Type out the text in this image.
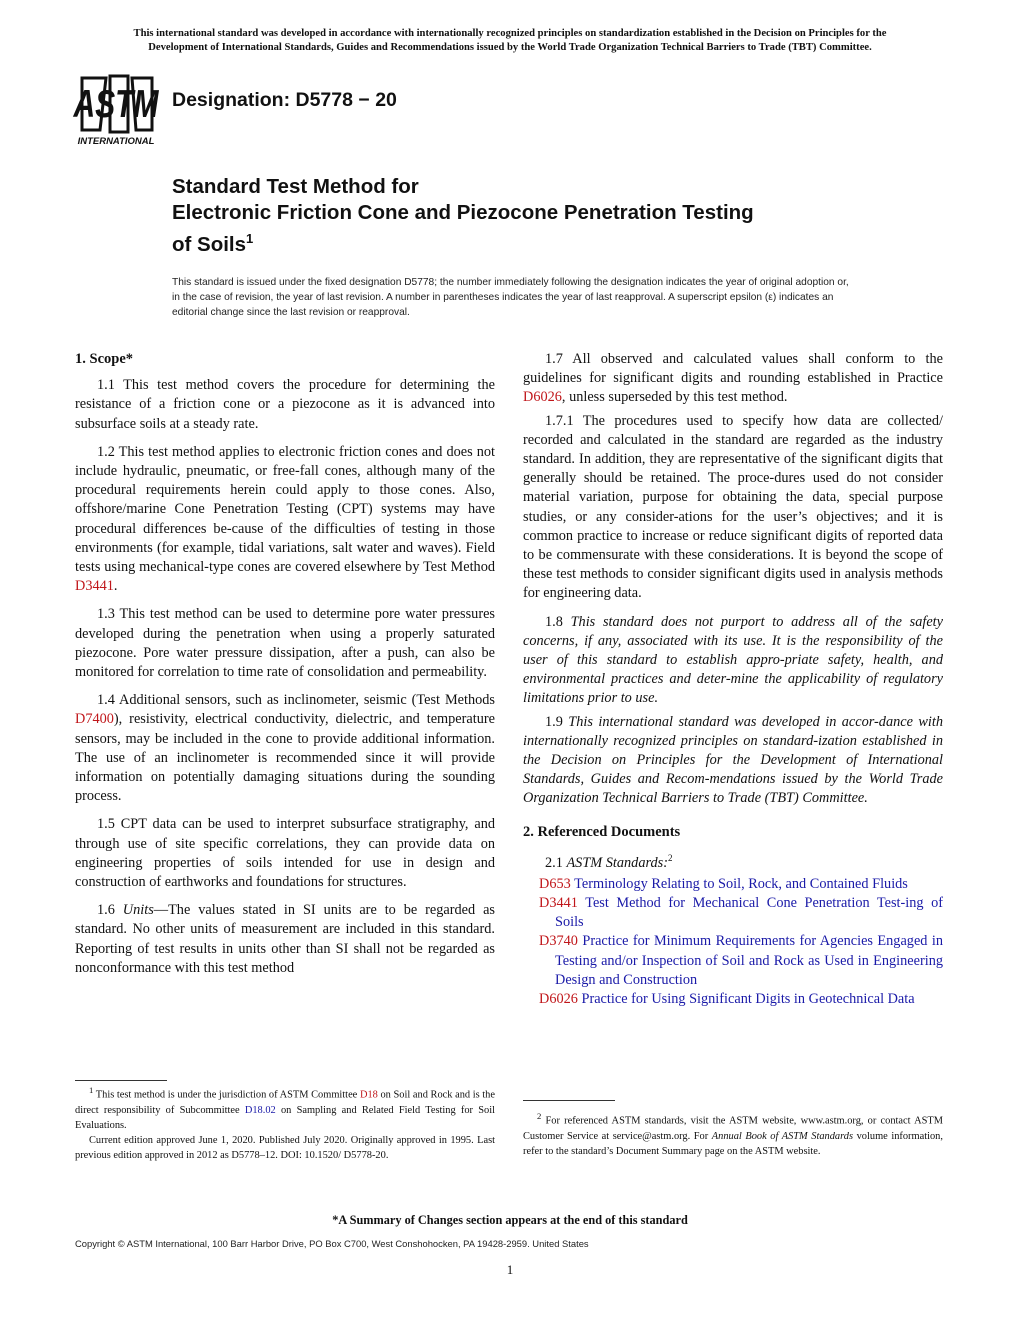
This international standard was developed in accordance with internationally recognized principles on standardization established in the Decision on Principles for the
Development of International Standards, Guides and Recommendations issued by the World Trade Organization Technical Barriers to Trade (TBT) Committee.
ASTM
INTERNATIONAL
Designation: D5778 − 20
Standard Test Method for
Electronic Friction Cone and Piezocone Penetration Testing
of Soils$^1$
This standard is issued under the fixed designation D5778; the number immediately following the designation indicates the year of original adoption or, in the case of revision, the year of last revision. A number in parentheses indicates the year of last reapproval. A superscript epsilon (ε) indicates an editorial change since the last revision or reapproval.
1. Scope*

1.1 This test method covers the procedure for determining the resistance of a friction cone or a piezocone as it is advanced into subsurface soils at a steady rate.

1.2 This test method applies to electronic friction cones and does not include hydraulic, pneumatic, or free-fall cones, although many of the procedural requirements herein could apply to those cones. Also, offshore/marine Cone Penetration Testing (CPT) systems may have procedural differences be-cause of the difficulties of testing in those environments (for example, tidal variations, salt water and waves). Field tests using mechanical-type cones are covered elsewhere by Test Method D3441.

1.3 This test method can be used to determine pore water pressures developed during the penetration when using a properly saturated piezocone. Pore water pressure dissipation, after a push, can also be monitored for correlation to time rate of consolidation and permeability.

1.4 Additional sensors, such as inclinometer, seismic (Test Methods D7400), resistivity, electrical conductivity, dielectric, and temperature sensors, may be included in the cone to provide additional information. The use of an inclinometer is recommended since it will provide information on potentially damaging situations during the sounding process.

1.5 CPT data can be used to interpret subsurface stratigraphy, and through use of site specific correlations, they can provide data on engineering properties of soils intended for use in design and construction of earthworks and foundations for structures.

1.6 Units—The values stated in SI units are to be regarded as standard. No other units of measurement are included in this standard. Reporting of test results in units other than SI shall not be regarded as nonconformance with this test method

$^1$ This test method is under the jurisdiction of ASTM Committee D18 on Soil and Rock and is the direct responsibility of Subcommittee D18.02 on Sampling and Related Field Testing for Soil Evaluations.

Current edition approved June 1, 2020. Published July 2020. Originally approved in 1995. Last previous edition approved in 2012 as D5778–12. DOI: 10.1520/ D5778-20.

1.7 All observed and calculated values shall conform to the guidelines for significant digits and rounding established in Practice D6026, unless superseded by this test method.

1.7.1 The procedures used to specify how data are collected/ recorded and calculated in the standard are regarded as the industry standard. In addition, they are representative of the significant digits that generally should be retained. The proce-dures used do not consider material variation, purpose for obtaining the data, special purpose studies, or any consider-ations for the user’s objectives; and it is common practice to increase or reduce significant digits of reported data to be commensurate with these considerations. It is beyond the scope of these test methods to consider significant digits used in analysis methods for engineering data.

1.8 This standard does not purport to address all of the safety concerns, if any, associated with its use. It is the responsibility of the user of this standard to establish appro-priate safety, health, and environmental practices and deter-mine the applicability of regulatory limitations prior to use.

1.9 This international standard was developed in accor-dance with internationally recognized principles on standard-ization established in the Decision on Principles for the Development of International Standards, Guides and Recom-mendations issued by the World Trade Organization Technical Barriers to Trade (TBT) Committee.

2. Referenced Documents

2.1 ASTM Standards:$^2$

D653 Terminology Relating to Soil, Rock, and Contained Fluids
D3441 Test Method for Mechanical Cone Penetration Test-ing of Soils
D3740 Practice for Minimum Requirements for Agencies Engaged in Testing and/or Inspection of Soil and Rock as Used in Engineering Design and Construction
D6026 Practice for Using Significant Digits in Geotechnical Data

$^2$ For referenced ASTM standards, visit the ASTM website, www.astm.org, or contact ASTM Customer Service at service@astm.org. For Annual Book of ASTM Standards volume information, refer to the standard’s Document Summary page on the ASTM website.

*A Summary of Changes section appears at the end of this standard
Copyright © ASTM International, 100 Barr Harbor Drive, PO Box C700, West Conshohocken, PA 19428-2959. United States
1
